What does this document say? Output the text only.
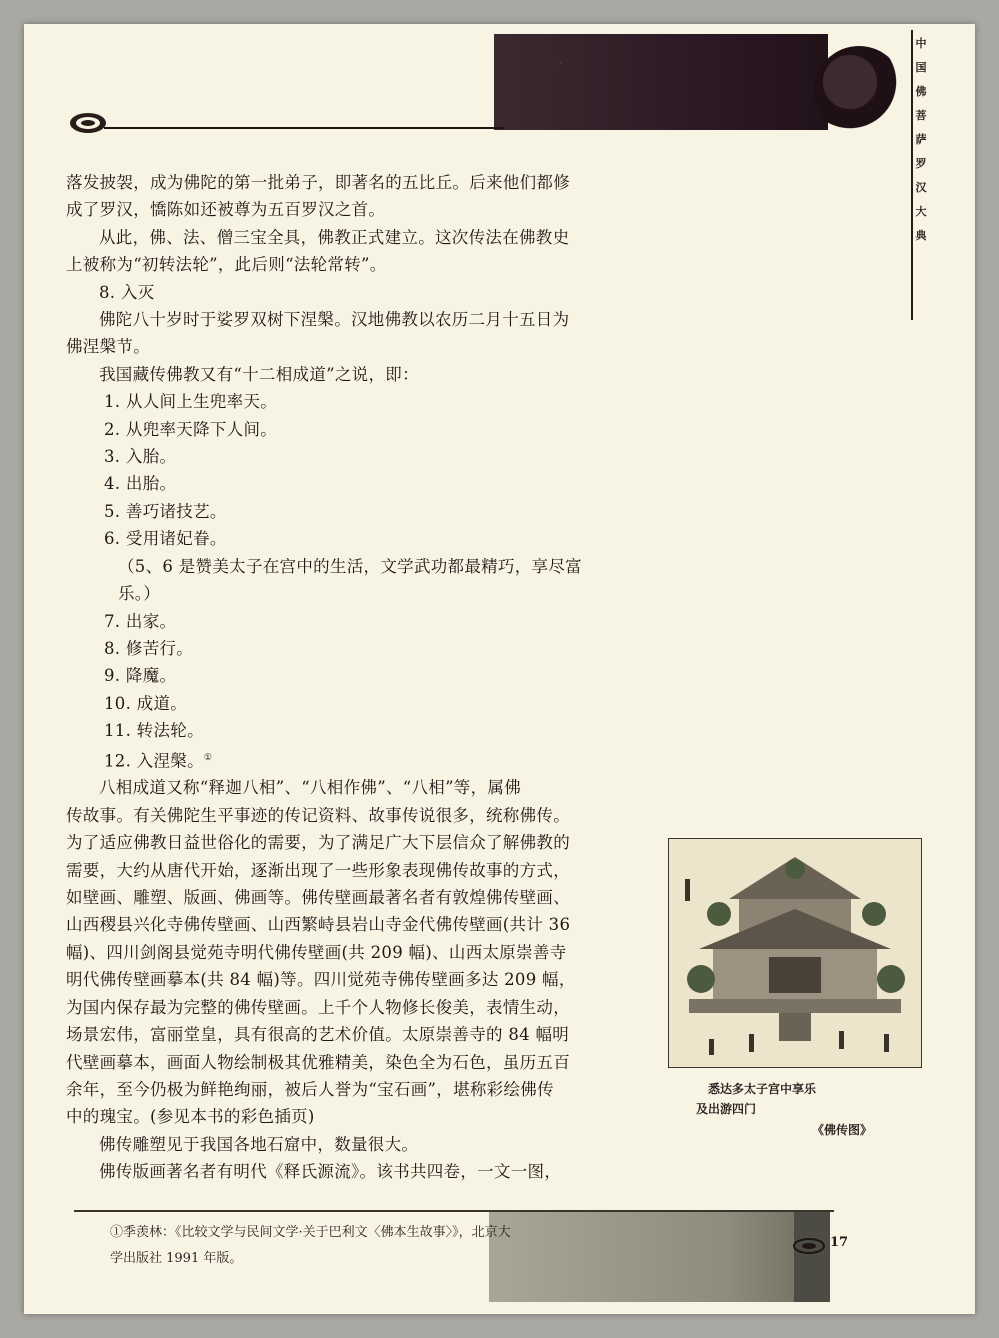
中
国
佛
菩
萨
罗
汉
大
典
落发披袈，成为佛陀的第一批弟子，即著名的五比丘。后来他们都修
成了罗汉，憍陈如还被尊为五百罗汉之首。
从此，佛、法、僧三宝全具，佛教正式建立。这次传法在佛教史
上被称为“初转法轮”，此后则“法轮常转”。
8. 入灭
佛陀八十岁时于娑罗双树下涅槃。汉地佛教以农历二月十五日为
佛涅槃节。
我国藏传佛教又有“十二相成道”之说，即：
1. 从人间上生兜率天。
2. 从兜率天降下人间。
3. 入胎。
4. 出胎。
5. 善巧诸技艺。
6. 受用诸妃眷。
（5、6 是赞美太子在宫中的生活，文学武功都最精巧，享尽富
乐。）
7. 出家。
8. 修苦行。
9. 降魔。
10. 成道。
11. 转法轮。
12. 入涅槃。①
八相成道又称“释迦八相”、“八相作佛”、“八相”等，属佛
传故事。有关佛陀生平事迹的传记资料、故事传说很多，统称佛传。
为了适应佛教日益世俗化的需要，为了满足广大下层信众了解佛教的
需要，大约从唐代开始，逐渐出现了一些形象表现佛传故事的方式，
如壁画、雕塑、版画、佛画等。佛传壁画最著名者有敦煌佛传壁画、
山西稷县兴化寺佛传壁画、山西繁峙县岩山寺金代佛传壁画(共计 36
幅)、四川剑阁县觉苑寺明代佛传壁画(共 209 幅)、山西太原崇善寺
明代佛传壁画摹本(共 84 幅)等。四川觉苑寺佛传壁画多达 209 幅，
为国内保存最为完整的佛传壁画。上千个人物修长俊美，表情生动，
场景宏伟，富丽堂皇，具有很高的艺术价值。太原崇善寺的 84 幅明
代壁画摹本，画面人物绘制极其优雅精美，染色全为石色，虽历五百
余年，至今仍极为鲜艳绚丽，被后人誉为“宝石画”，堪称彩绘佛传
中的瑰宝。(参见本书的彩色插页)
佛传雕塑见于我国各地石窟中，数量很大。
佛传版画著名者有明代《释氏源流》。该书共四卷，一文一图，
悉达多太子宫中享乐
及出游四门
《佛传图》
①季羡林：《比较文学与民间文学·关于巴利文〈佛本生故事〉》，北京大
学出版社 1991 年版。
17
